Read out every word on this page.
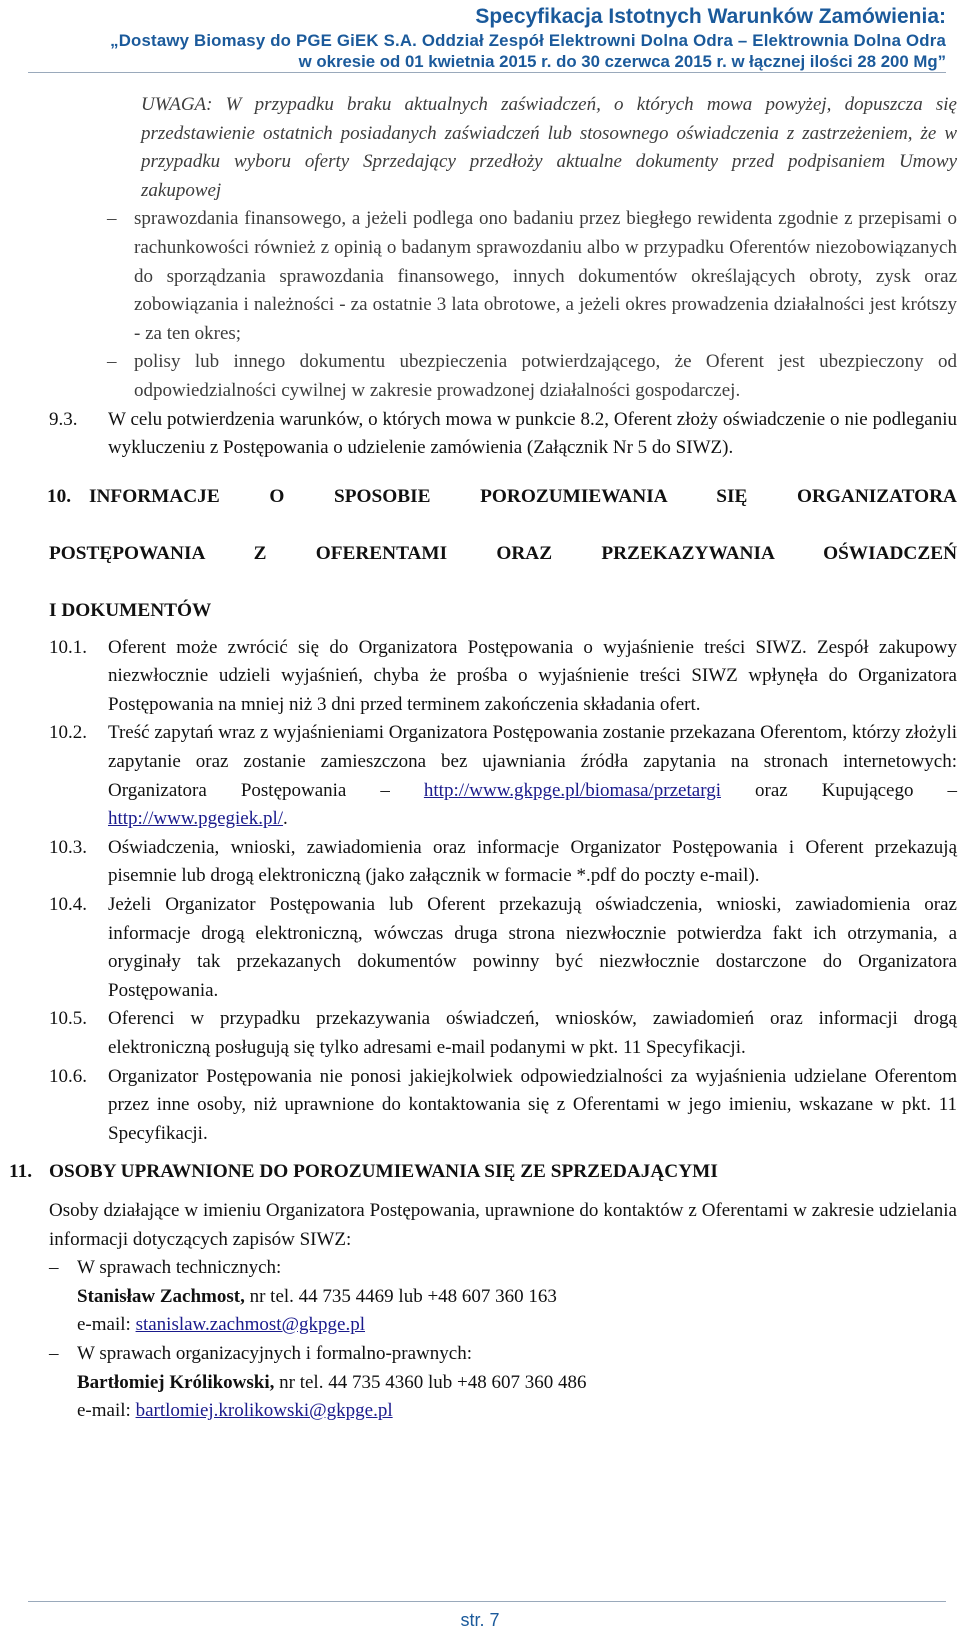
Specyfikacja Istotnych Warunków Zamówienia:
„Dostawy Biomasy do PGE GiEK S.A. Oddział Zespół Elektrowni Dolna Odra – Elektrownia Dolna Odra
w okresie od 01 kwietnia 2015 r. do 30 czerwca 2015 r. w łącznej ilości 28 200 Mg”

UWAGA: W przypadku braku aktualnych zaświadczeń, o których mowa powyżej, dopuszcza się przedstawienie ostatnich posiadanych zaświadczeń lub stosownego oświadczenia z zastrzeżeniem, że w przypadku wyboru oferty Sprzedający przedłoży aktualne dokumenty przed podpisaniem Umowy zakupowej

– sprawozdania finansowego, a jeżeli podlega ono badaniu przez biegłego rewidenta zgodnie z przepisami o rachunkowości również z opinią o badanym sprawozdaniu albo w przypadku Oferentów niezobowiązanych do sporządzania sprawozdania finansowego, innych dokumentów określających obroty, zysk oraz zobowiązania i należności - za ostatnie 3 lata obrotowe, a jeżeli okres prowadzenia działalności jest krótszy - za ten okres;

– polisy lub innego dokumentu ubezpieczenia potwierdzającego, że Oferent jest ubezpieczony od odpowiedzialności cywilnej w zakresie prowadzonej działalności gospodarczej.

9.3. W celu potwierdzenia warunków, o których mowa w punkcie 8.2, Oferent złoży oświadczenie o nie podleganiu wykluczeniu z Postępowania o udzielenie zamówienia (Załącznik Nr 5 do SIWZ).

10. INFORMACJE O SPOSOBIE POROZUMIEWANIA SIĘ ORGANIZATORA

POSTĘPOWANIA Z OFERENTAMI ORAZ PRZEKAZYWANIA OŚWIADCZEŃ

I DOKUMENTÓW

10.1. Oferent może zwrócić się do Organizatora Postępowania o wyjaśnienie treści SIWZ. Zespół zakupowy niezwłocznie udzieli wyjaśnień, chyba że prośba o wyjaśnienie treści SIWZ wpłynęła do Organizatora Postępowania na mniej niż 3 dni przed terminem zakończenia składania ofert.

10.2. Treść zapytań wraz z wyjaśnieniami Organizatora Postępowania zostanie przekazana Oferentom, którzy złożyli zapytanie oraz zostanie zamieszczona bez ujawniania źródła zapytania na stronach internetowych: Organizatora Postępowania – http://www.gkpge.pl/biomasa/przetargi oraz Kupującego – http://www.pgegiek.pl/.

10.3. Oświadczenia, wnioski, zawiadomienia oraz informacje Organizator Postępowania i Oferent przekazują pisemnie lub drogą elektroniczną (jako załącznik w formacie *.pdf do poczty e-mail).

10.4. Jeżeli Organizator Postępowania lub Oferent przekazują oświadczenia, wnioski, zawiadomienia oraz informacje drogą elektroniczną, wówczas druga strona niezwłocznie potwierdza fakt ich otrzymania, a oryginały tak przekazanych dokumentów powinny być niezwłocznie dostarczone do Organizatora Postępowania.

10.5. Oferenci w przypadku przekazywania oświadczeń, wniosków, zawiadomień oraz informacji drogą elektroniczną posługują się tylko adresami e-mail podanymi w pkt. 11 Specyfikacji.

10.6. Organizator Postępowania nie ponosi jakiejkolwiek odpowiedzialności za wyjaśnienia udzielane Oferentom przez inne osoby, niż uprawnione do kontaktowania się z Oferentami w jego imieniu, wskazane w pkt. 11 Specyfikacji.

11. OSOBY UPRAWNIONE DO POROZUMIEWANIA SIĘ ZE SPRZEDAJĄCYMI

Osoby działające w imieniu Organizatora Postępowania, uprawnione do kontaktów z Oferentami w zakresie udzielania informacji dotyczących zapisów SIWZ:

– W sprawach technicznych:

Stanisław Zachmost, nr tel. 44 735 4469 lub +48 607 360 163

e-mail: stanislaw.zachmost@gkpge.pl

– W sprawach organizacyjnych i formalno-prawnych:

Bartłomiej Królikowski, nr tel. 44 735 4360 lub +48 607 360 486

e-mail: bartlomiej.krolikowski@gkpge.pl

str. 7
